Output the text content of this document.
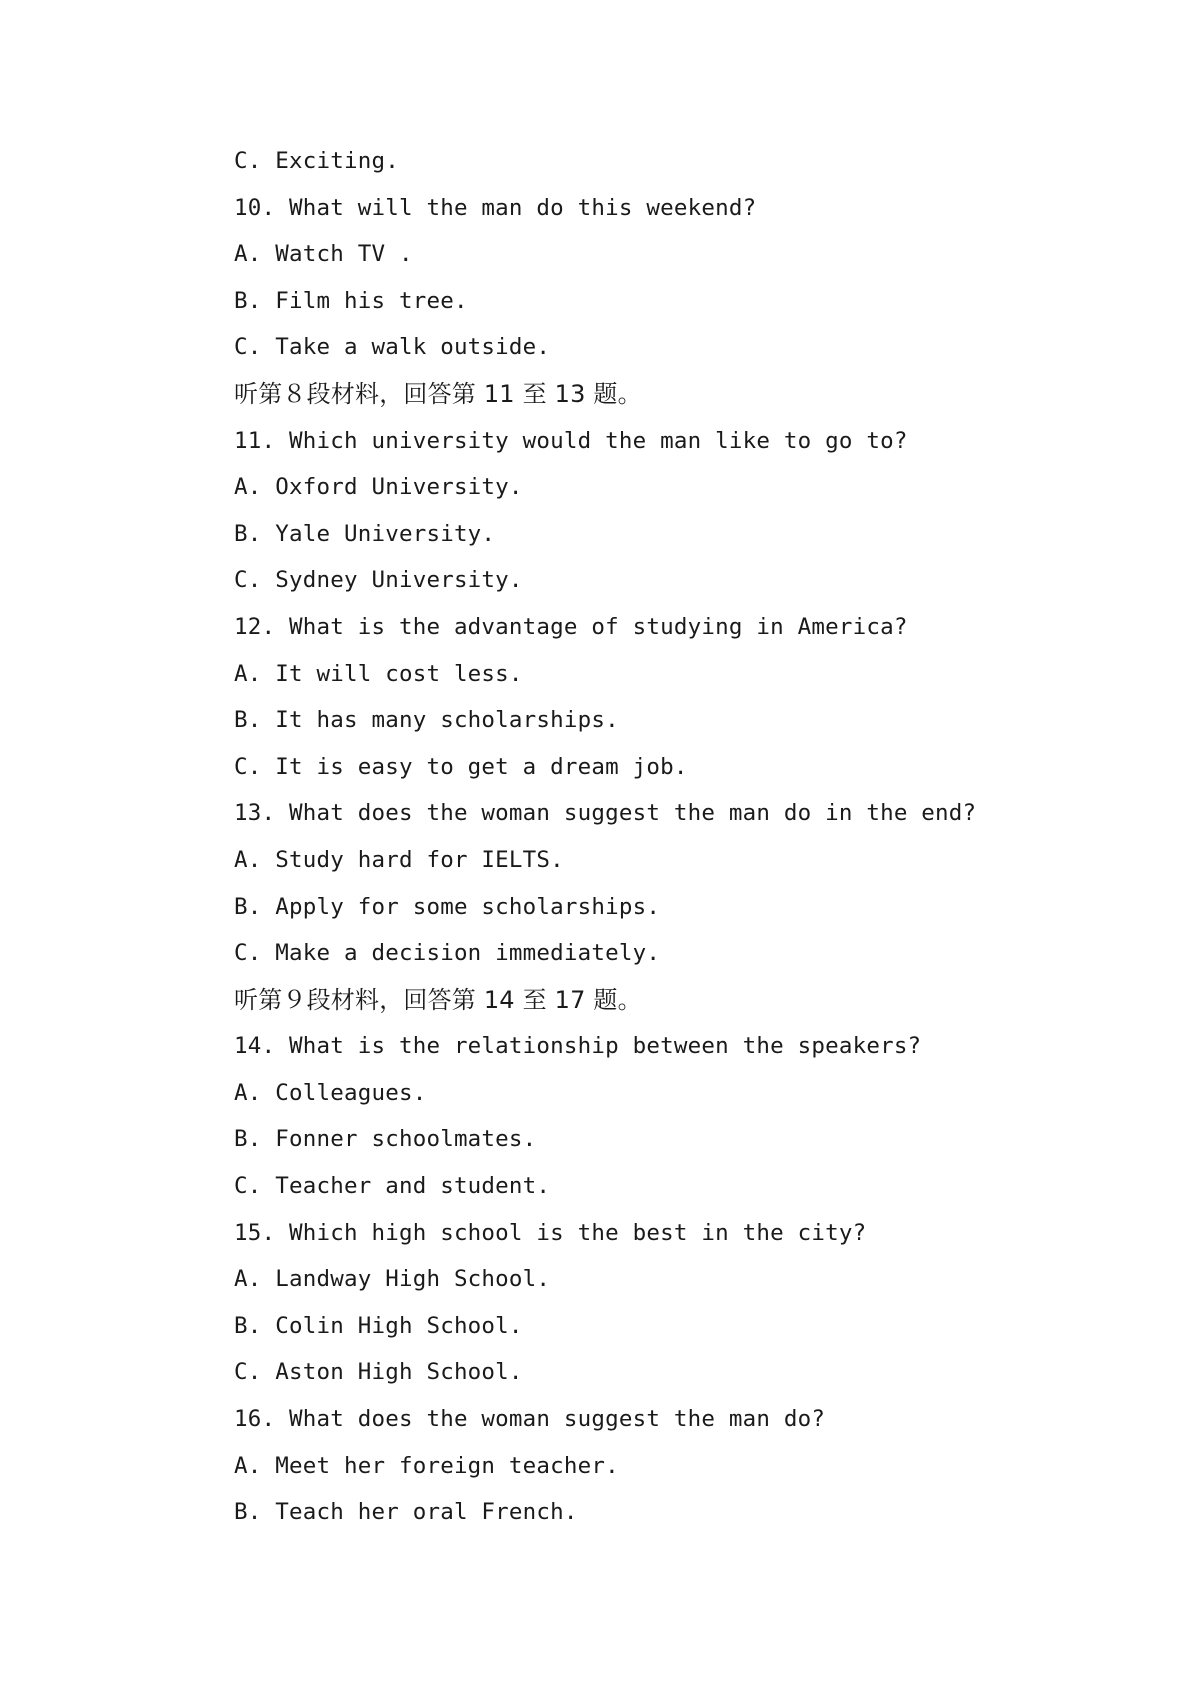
C. Exciting.
10. What will the man do this weekend?
A. Watch TV .
B. Film his tree.
C. Take a walk outside.
听第８段材料，回答第 11 至 13 题。
11. Which university would the man like to go to?
A. Oxford University.
B. Yale University.
C. Sydney University.
12. What is the advantage of studying in America?
A. It will cost less.
B. It has many scholarships.
C. It is easy to get a dream job.
13. What does the woman suggest the man do in the end?
A. Study hard for IELTS.
B. Apply for some scholarships.
C. Make a decision immediately.
听第９段材料，回答第 14 至 17 题。
14. What is the relationship between the speakers?
A. Colleagues.
B. Fonner schoolmates.
C. Teacher and student.
15. Which high school is the best in the city?
A. Landway High School.
B. Colin High School.
C. Aston High School.
16. What does the woman suggest the man do?
A. Meet her foreign teacher.
B. Teach her oral French.
